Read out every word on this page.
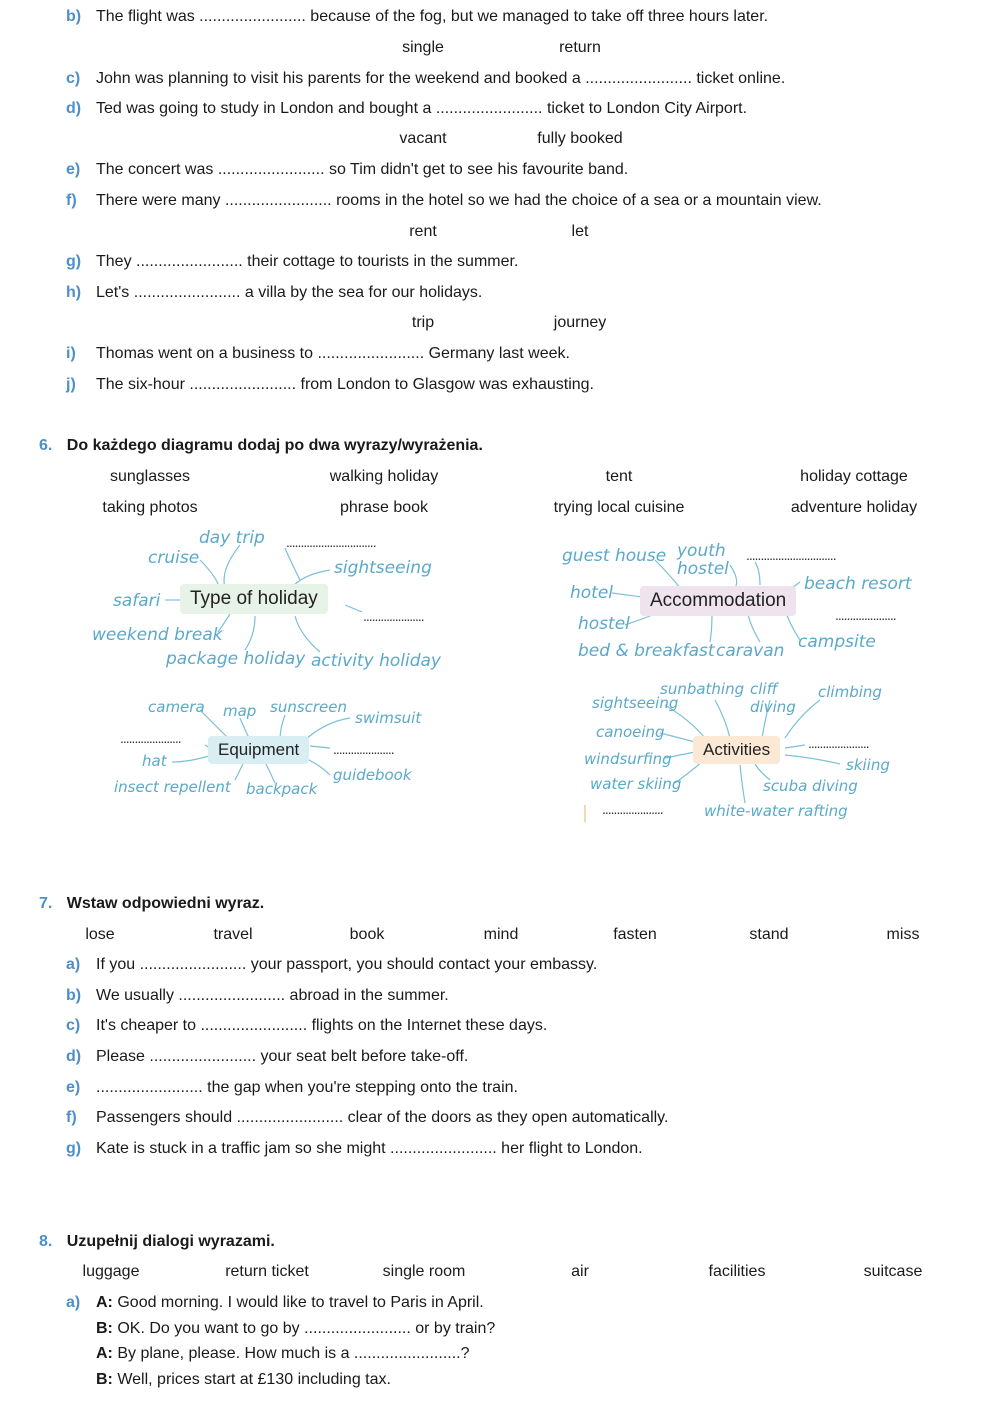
b) The flight was ........................ because of the fog, but we managed to take off three hours later.
single	return
c) John was planning to visit his parents for the weekend and booked a ........................ ticket online.
d) Ted was going to study in London and bought a ........................ ticket to London City Airport.
vacant	fully booked
e) The concert was ........................ so Tim didn't get to see his favourite band.
f) There were many ........................ rooms in the hotel so we had the choice of a sea or a mountain view.
rent	let
g) They ........................ their cottage to tourists in the summer.
h) Let's ........................ a villa by the sea for our holidays.
trip	journey
i) Thomas went on a business to ........................ Germany last week.
j) The six-hour ........................ from London to Glasgow was exhausting.
6. Do każdego diagramu dodaj po dwa wyrazy/wyrażenia.
sunglasses	walking holiday	tent	holiday cottage
taking photos	phrase book	trying local cuisine	adventure holiday
Type of holiday
day trip
cruise	sightseeing
safari
weekend break
package holiday activity holiday
...............................
.....................
Accommodation
guest house youth
hostel
beach resort
hotel
hostel
bed & breakfast caravan campsite
...............................
.....................
Equipment
camera map sunscreen
swimsuit
hat
insect repellent backpack
guidebook
.....................
.....................	Activities
sunbathing cliff
diving
climbing
sightseeing
canoeing
windsurfing
water skiing
skiing
scuba diving
white-water rafting
.....................
.....................
7. Wstaw odpowiedni wyraz.
lose	travel	book	mind	fasten	stand	miss
a) If you ........................ your passport, you should contact your embassy.
b) We usually ........................ abroad in the summer.
c) It's cheaper to ........................ flights on the Internet these days.
d) Please ........................ your seat belt before take-off.
e) ........................ the gap when you're stepping onto the train.
f) Passengers should ........................ clear of the doors as they open automatically.
g) Kate is stuck in a traffic jam so she might ........................ her flight to London.
8. Uzupełnij dialogi wyrazami.
luggage	return ticket	single room	air	facilities	suitcase
a) A: Good morning. I would like to travel to Paris in April.
B: OK. Do you want to go by ........................ or by train?
A: By plane, please. How much is a ........................?
B: Well, prices start at £130 including tax.
